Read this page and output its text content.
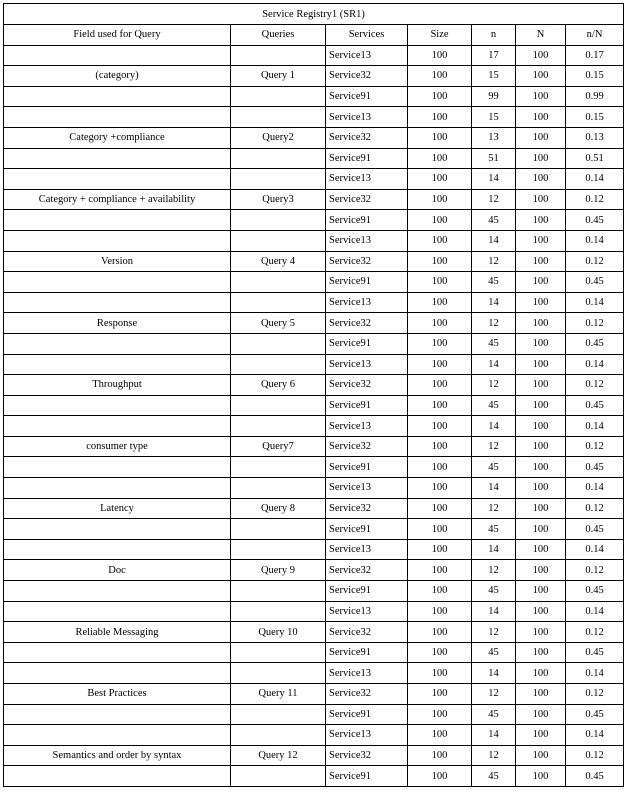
Service Registry1 (SR1)						
Field used for Query	Queries	Services	Size	n	N	n/N
		Service13	100	17	100	0.17
(category)	Query 1	Service32	100	15	100	0.15
		Service91	100	99	100	0.99
		Service13	100	15	100	0.15
Category +compliance	Query2	Service32	100	13	100	0.13
		Service91	100	51	100	0.51
		Service13	100	14	100	0.14
Category + compliance + availability	Query3	Service32	100	12	100	0.12
		Service91	100	45	100	0.45
		Service13	100	14	100	0.14
Version	Query 4	Service32	100	12	100	0.12
		Service91	100	45	100	0.45
		Service13	100	14	100	0.14
Response	Query 5	Service32	100	12	100	0.12
		Service91	100	45	100	0.45
		Service13	100	14	100	0.14
Throughput	Query 6	Service32	100	12	100	0.12
		Service91	100	45	100	0.45
		Service13	100	14	100	0.14
consumer type	Query7	Service32	100	12	100	0.12
		Service91	100	45	100	0.45
		Service13	100	14	100	0.14
Latency	Query 8	Service32	100	12	100	0.12
		Service91	100	45	100	0.45
		Service13	100	14	100	0.14
Doc	Query 9	Service32	100	12	100	0.12
		Service91	100	45	100	0.45
		Service13	100	14	100	0.14
Reliable Messaging	Query 10	Service32	100	12	100	0.12
		Service91	100	45	100	0.45
		Service13	100	14	100	0.14
Best Practices	Query 11	Service32	100	12	100	0.12
		Service91	100	45	100	0.45
		Service13	100	14	100	0.14
Semantics and order by syntax	Query 12	Service32	100	12	100	0.12
		Service91	100	45	100	0.45
